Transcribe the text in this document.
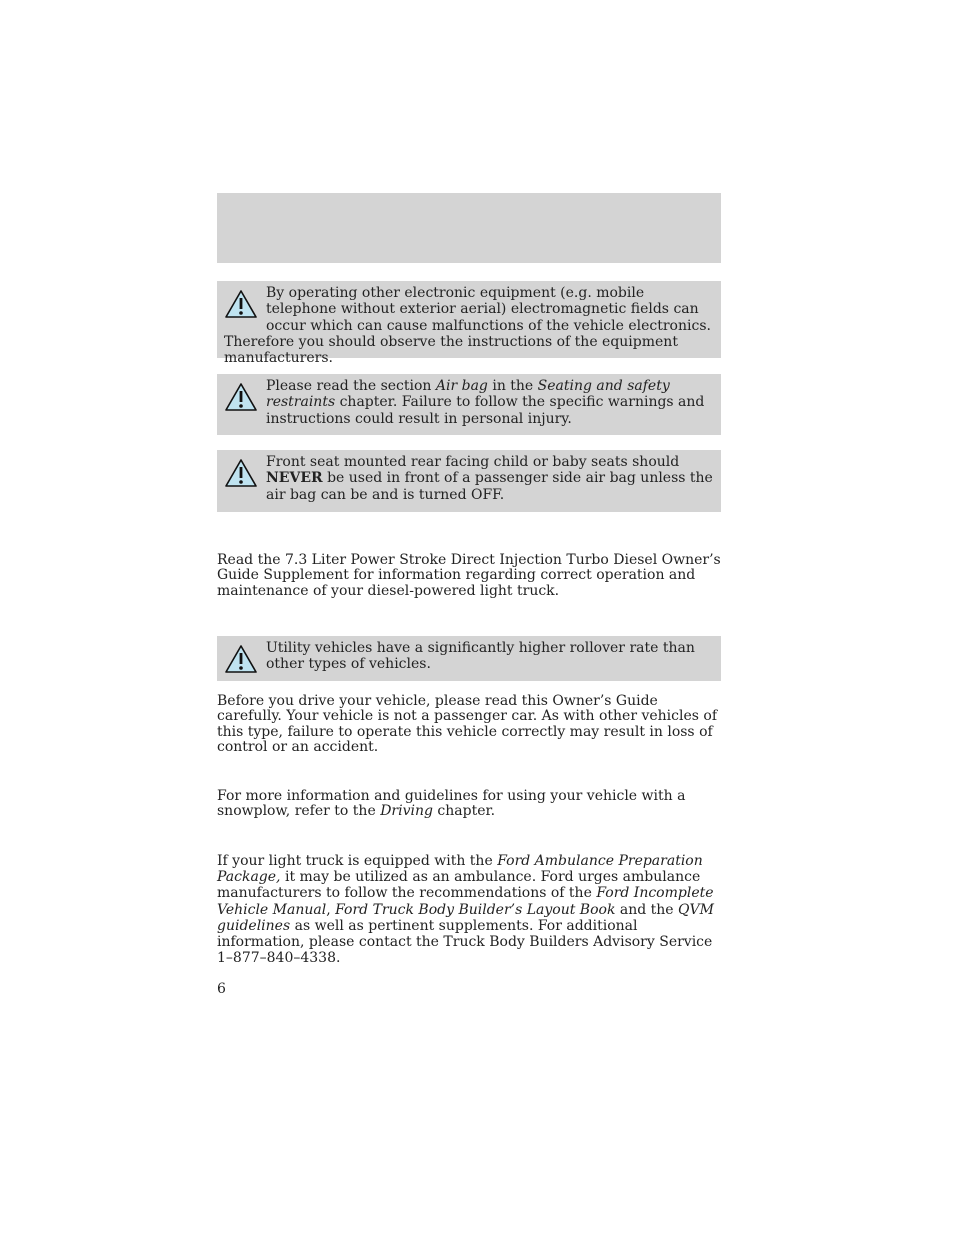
By operating other electronic equipment (e.g. mobile telephone without exterior aerial) electromagnetic fields can occur which can cause malfunctions of the vehicle electronics. Therefore you should observe the instructions of the equipment manufacturers.

Please read the section Air bag in the Seating and safety restraints chapter. Failure to follow the specific warnings and instructions could result in personal injury.

Front seat mounted rear facing child or baby seats should NEVER be used in front of a passenger side air bag unless the air bag can be and is turned OFF.

Read the 7.3 Liter Power Stroke Direct Injection Turbo Diesel Owner’s Guide Supplement for information regarding correct operation and maintenance of your diesel-powered light truck.

Utility vehicles have a significantly higher rollover rate than other types of vehicles.

Before you drive your vehicle, please read this Owner’s Guide carefully. Your vehicle is not a passenger car. As with other vehicles of this type, failure to operate this vehicle correctly may result in loss of control or an accident.

For more information and guidelines for using your vehicle with a snowplow, refer to the Driving chapter.

If your light truck is equipped with the Ford Ambulance Preparation Package, it may be utilized as an ambulance. Ford urges ambulance manufacturers to follow the recommendations of the Ford Incomplete Vehicle Manual, Ford Truck Body Builder’s Layout Book and the QVM guidelines as well as pertinent supplements. For additional information, please contact the Truck Body Builders Advisory Service 1–877–840–4338.

6
